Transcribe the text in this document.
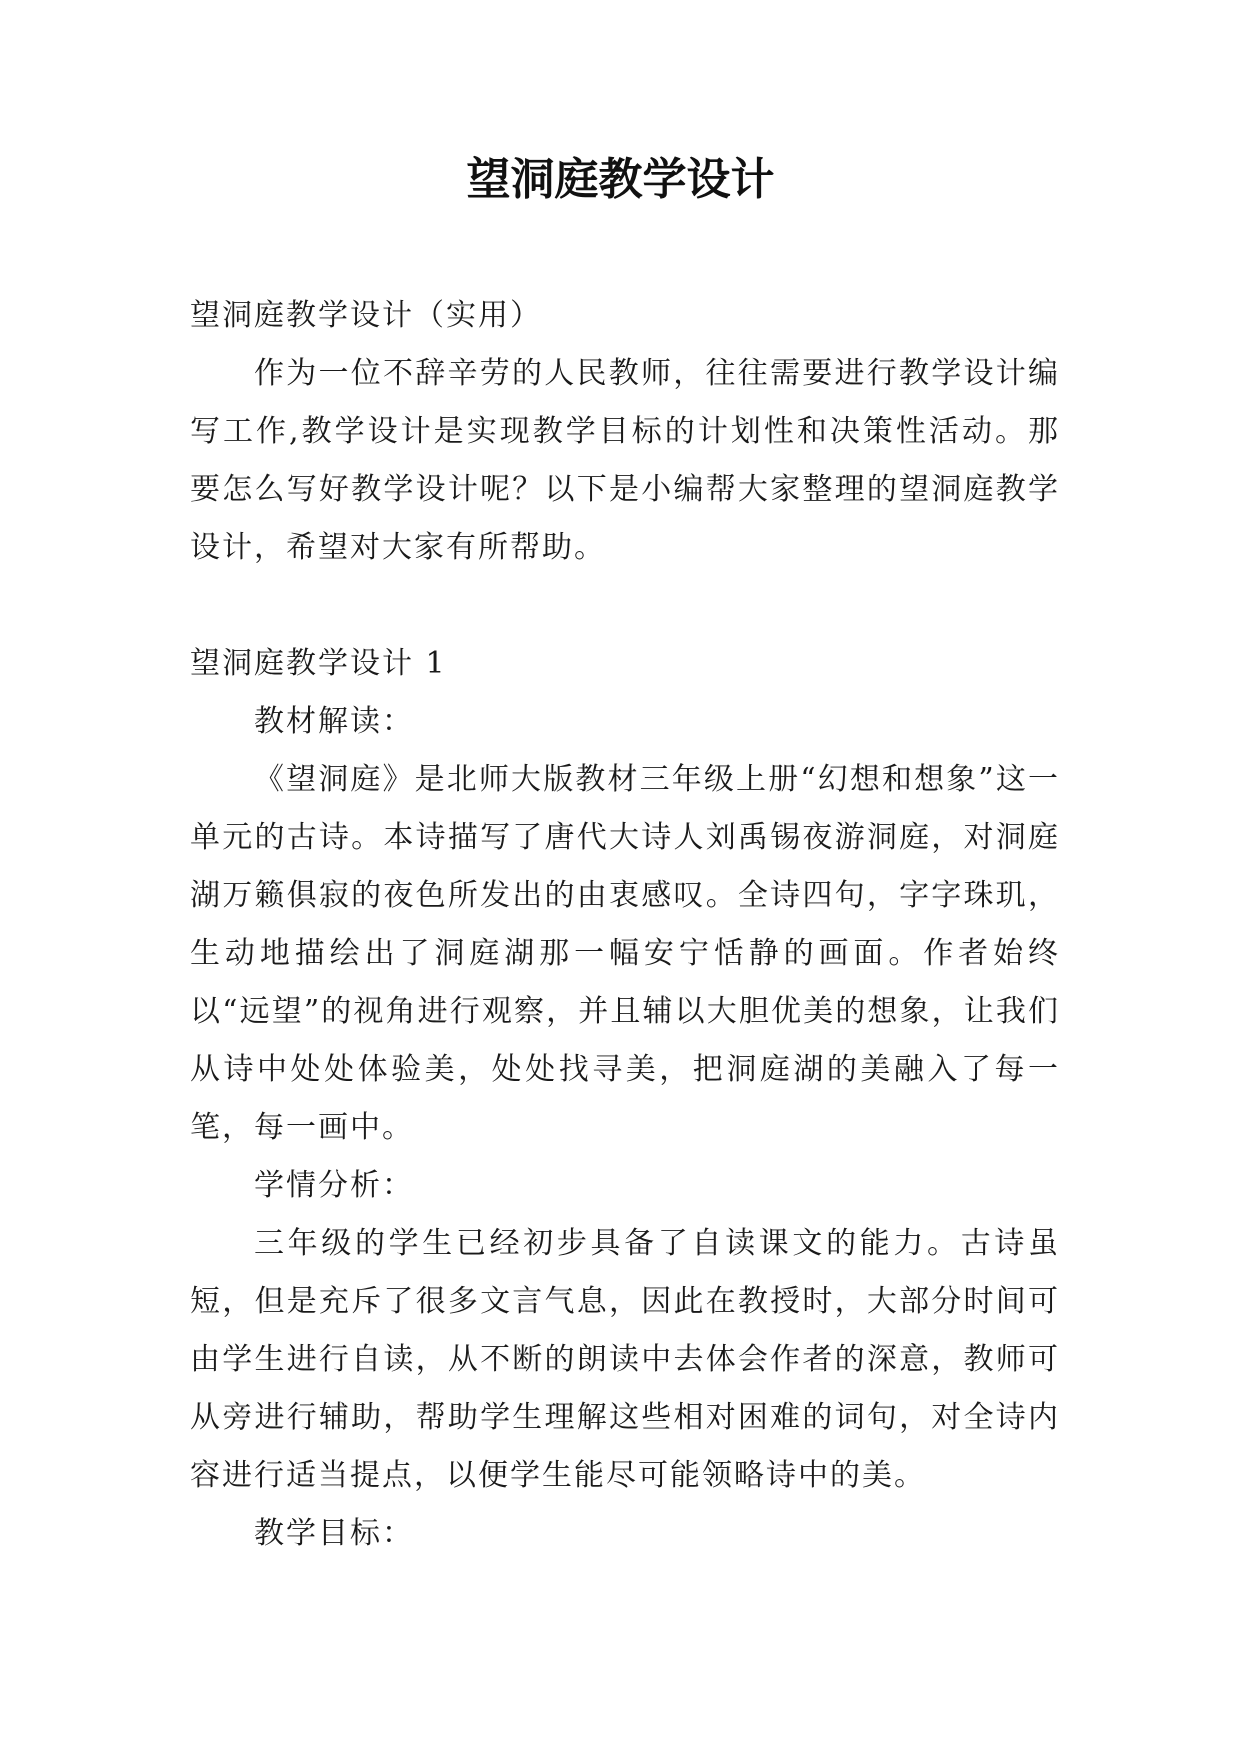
望洞庭教学设计

望洞庭教学设计（实用）

作为一位不辞辛劳的人民教师，往往需要进行教学设计编写工作,教学设计是实现教学目标的计划性和决策性活动。那要怎么写好教学设计呢？以下是小编帮大家整理的望洞庭教学设计，希望对大家有所帮助。

望洞庭教学设计 1

教材解读：

《望洞庭》是北师大版教材三年级上册“幻想和想象”这一单元的古诗。本诗描写了唐代大诗人刘禹锡夜游洞庭，对洞庭湖万籁俱寂的夜色所发出的由衷感叹。全诗四句，字字珠玑，生动地描绘出了洞庭湖那一幅安宁恬静的画面。作者始终以“远望”的视角进行观察，并且辅以大胆优美的想象，让我们从诗中处处体验美，处处找寻美，把洞庭湖的美融入了每一笔，每一画中。

学情分析：

三年级的学生已经初步具备了自读课文的能力。古诗虽短，但是充斥了很多文言气息，因此在教授时，大部分时间可由学生进行自读，从不断的朗读中去体会作者的深意，教师可从旁进行辅助，帮助学生理解这些相对困难的词句，对全诗内容进行适当提点，以便学生能尽可能领略诗中的美。

教学目标：
